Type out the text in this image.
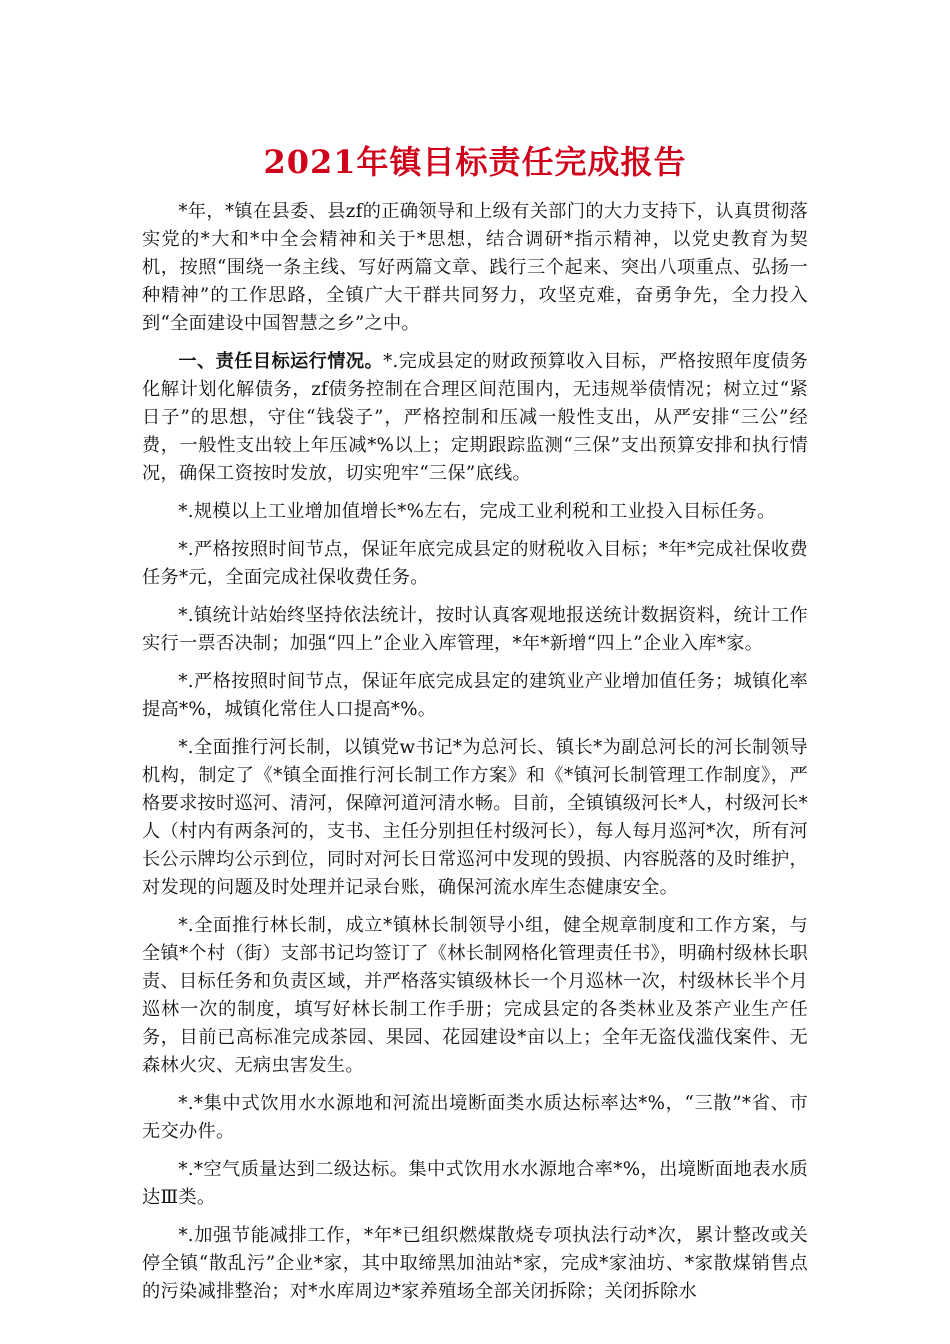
2021年镇目标责任完成报告

*年，*镇在县委、县zf的正确领导和上级有关部门的大力支持下，认真贯彻落实党的*大和*中全会精神和关于*思想，结合调研*指示精神，以党史教育为契机，按照“围绕一条主线、写好两篇文章、践行三个起来、突出八项重点、弘扬一种精神”的工作思路，全镇广大干群共同努力，攻坚克难，奋勇争先，全力投入到“全面建设中国智慧之乡”之中。

一、责任目标运行情况。*.完成县定的财政预算收入目标，严格按照年度债务化解计划化解债务，zf债务控制在合理区间范围内，无违规举债情况；树立过“紧日子”的思想，守住“钱袋子”，严格控制和压减一般性支出，从严安排“三公”经费，一般性支出较上年压减*%以上；定期跟踪监测“三保”支出预算安排和执行情况，确保工资按时发放，切实兜牢“三保”底线。

*.规模以上工业增加值增长*%左右，完成工业利税和工业投入目标任务。

*.严格按照时间节点，保证年底完成县定的财税收入目标；*年*完成社保收费任务*元，全面完成社保收费任务。

*.镇统计站始终坚持依法统计，按时认真客观地报送统计数据资料，统计工作实行一票否决制；加强“四上”企业入库管理，*年*新增“四上”企业入库*家。

*.严格按照时间节点，保证年底完成县定的建筑业产业增加值任务；城镇化率提高*%，城镇化常住人口提高*%。

*.全面推行河长制，以镇党w书记*为总河长、镇长*为副总河长的河长制领导机构，制定了《*镇全面推行河长制工作方案》和《*镇河长制管理工作制度》，严格要求按时巡河、清河，保障河道河清水畅。目前，全镇镇级河长*人，村级河长*人（村内有两条河的，支书、主任分别担任村级河长），每人每月巡河*次，所有河长公示牌均公示到位，同时对河长日常巡河中发现的毁损、内容脱落的及时维护，对发现的问题及时处理并记录台账，确保河流水库生态健康安全。

*.全面推行林长制，成立*镇林长制领导小组，健全规章制度和工作方案，与全镇*个村（街）支部书记均签订了《林长制网格化管理责任书》，明确村级林长职责、目标任务和负责区域，并严格落实镇级林长一个月巡林一次，村级林长半个月巡林一次的制度，填写好林长制工作手册；完成县定的各类林业及茶产业生产任务，目前已高标准完成茶园、果园、花园建设*亩以上；全年无盗伐滥伐案件、无森林火灾、无病虫害发生。

*.*集中式饮用水水源地和河流出境断面类水质达标率达*%，“三散”*省、市无交办件。

*.*空气质量达到二级达标。集中式饮用水水源地合率*%，出境断面地表水质达Ⅲ类。

*.加强节能减排工作，*年*已组织燃煤散烧专项执法行动*次，累计整改或关停全镇“散乱污”企业*家，其中取缔黑加油站*家，完成*家油坊、*家散煤销售点的污染减排整治；对*水库周边*家养殖场全部关闭拆除；关闭拆除水
